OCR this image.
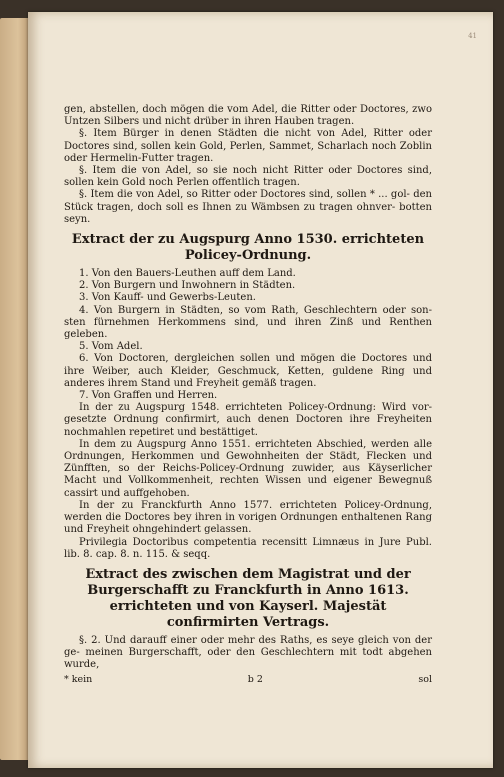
41

gen, abstellen, doch mögen die vom Adel, die Ritter oder Doctores, zwo Untzen Silbers und nicht drüber in ihren Hauben tragen.

§. Item Bürger in denen Städten die nicht von Adel, Ritter oder Doctores sind, sollen kein Gold, Perlen, Sammet, Scharlach noch Zoblin oder Hermelin-Futter tragen.

§. Item die von Adel, so sie noch nicht Ritter oder Doctores sind, sollen kein Gold noch Perlen offentlich tragen.

§. Item die von Adel, so Ritter oder Doctores sind, sollen * ... gol- den Stück tragen, doch soll es Ihnen zu Wämbsen zu tragen ohnver- botten seyn.

Extract der zu Augspurg Anno 1530. errichteten Policey-Ordnung.

1. Von den Bauers-Leuthen auff dem Land.

2. Von Burgern und Inwohnern in Städten.

3. Von Kauff- und Gewerbs-Leuten.

4. Von Burgern in Städten, so vom Rath, Geschlechtern oder son- sten fürnehmen Herkommens sind, und ihren Zinß und Renthen geleben.

5. Vom Adel.

6. Von Doctoren, dergleichen sollen und mögen die Doctores und ihre Weiber, auch Kleider, Geschmuck, Ketten, guldene Ring und anderes ihrem Stand und Freyheit gemäß tragen.

7. Von Graffen und Herren.

In der zu Augspurg 1548. errichteten Policey-Ordnung: Wird vor- gesetzte Ordnung confirmirt, auch denen Doctoren ihre Freyheiten nochmahlen repetiret und bestättiget.

In dem zu Augspurg Anno 1551. errichteten Abschied, werden alle Ordnungen, Herkommen und Gewohnheiten der Städt, Flecken und Zünfften, so der Reichs-Policey-Ordnung zuwider, aus Käyserlicher Macht und Vollkommenheit, rechten Wissen und eigener Bewegnuß cassirt und auffgehoben.

In der zu Franckfurth Anno 1577. errichteten Policey-Ordnung, werden die Doctores bey ihren in vorigen Ordnungen enthaltenen Rang und Freyheit ohngehindert gelassen.

Privilegia Doctoribus competentia recensitt Limnæus in Jure Publ. lib. 8. cap. 8. n. 115. & seqq.

Extract des zwischen dem Magistrat und der Burgerschafft zu Franckfurth in Anno 1613. errichteten und von Kayserl. Majestät confirmirten Vertrags.

§. 2. Und darauff einer oder mehr des Raths, es seye gleich von der ge- meinen Burgerschafft, oder den Geschlechtern mit todt abgehen wurde,

* kein	b 2	sol
